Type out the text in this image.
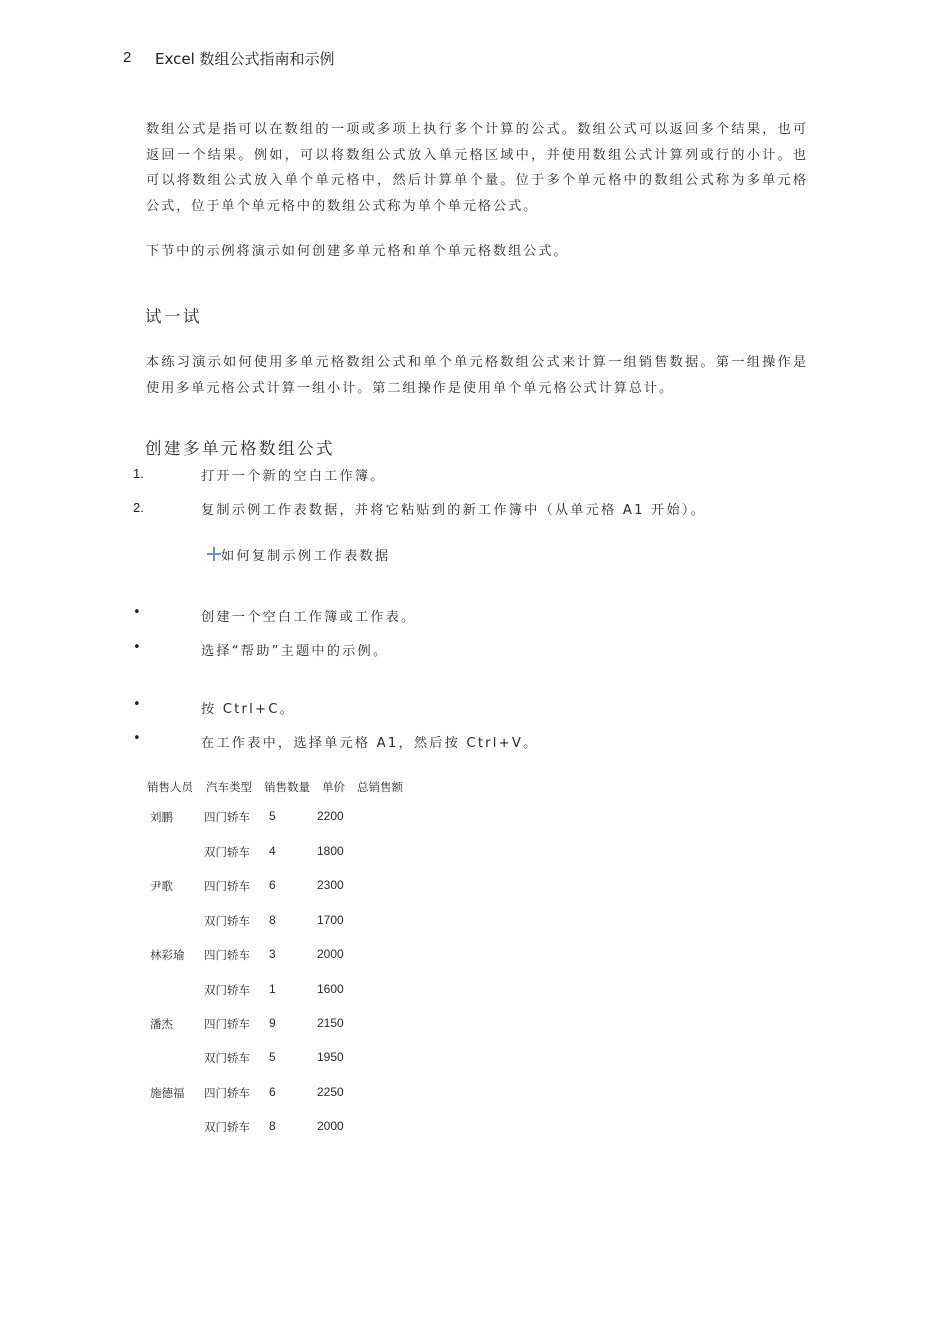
2 Excel 数组公式指南和示例
数组公式是指可以在数组的一项或多项上执行多个计算的公式。数组公式可以返回多个结果，也可返回一个结果。例如，可以将数组公式放入单元格区域中，并使用数组公式计算列或行的小计。也可以将数组公式放入单个单元格中，然后计算单个量。位于多个单元格中的数组公式称为多单元格公式，位于单个单元格中的数组公式称为单个单元格公式。
下节中的示例将演示如何创建多单元格和单个单元格数组公式。
试一试
本练习演示如何使用多单元格数组公式和单个单元格数组公式来计算一组销售数据。第一组操作是使用多单元格公式计算一组小计。第二组操作是使用单个单元格公式计算总计。
创建多单元格数组公式
1.	打开一个新的空白工作簿。
2.	复制示例工作表数据，并将它粘贴到的新工作簿中（从单元格 A1 开始）。
如何复制示例工作表数据
•	创建一个空白工作簿或工作表。
•	选择“帮助”主题中的示例。
•	按 Ctrl+C。
•	在工作表中，选择单元格 A1，然后按 Ctrl+V。
销售人员 汽车类型 销售数量 单价 总销售额
刘鹏	四门轿车 5	2200
双门轿车 4	1800
尹歌	四门轿车 6	2300
双门轿车 8	1700
林彩瑜 四门轿车 3	2000
双门轿车 1	1600
潘杰	四门轿车 9	2150
双门轿车 5	1950
施德福 四门轿车 6	2250
双门轿车 8	2000
